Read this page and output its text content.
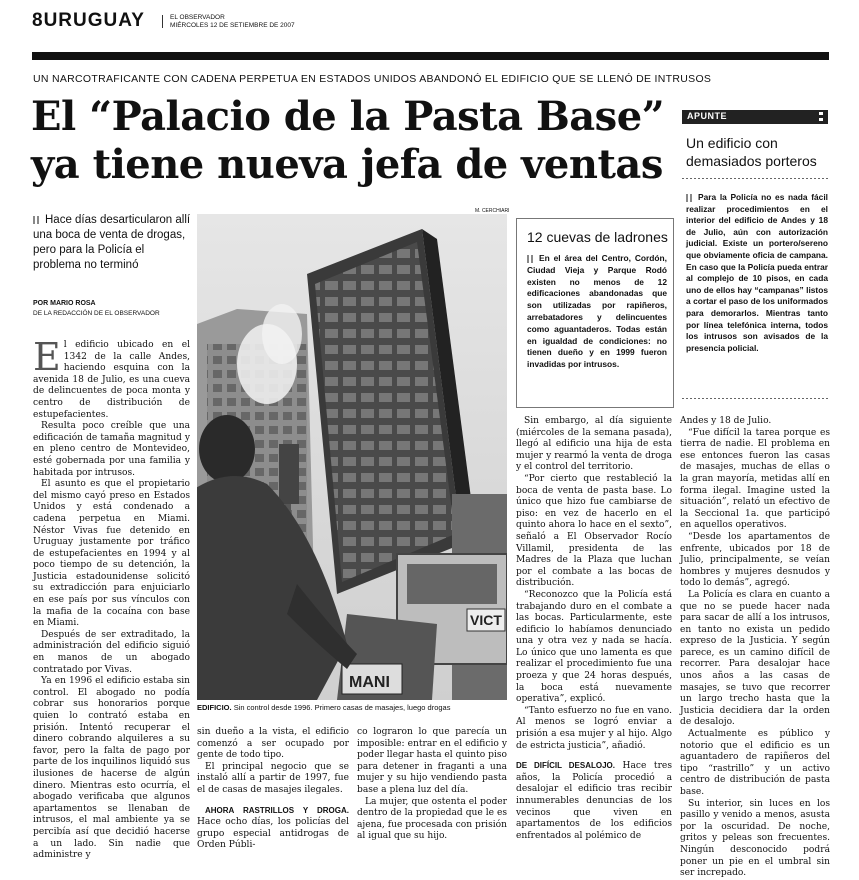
8URUGUAY	EL OBSERVADOR
MIÉRCOLES 12 DE SETIEMBRE DE 2007
UN NARCOTRAFICANTE CON CADENA PERPETUA EN ESTADOS UNIDOS ABANDONÓ EL EDIFICIO QUE SE LLENÓ DE INTRUSOS
El “Palacio de la Pasta Base” ya tiene nueva jefa de ventas
Hace días desarticularon allí una boca de venta de drogas, pero para la Policía el problema no terminó
POR MARIO ROSA
DE LA REDACCIÓN DE EL OBSERVADOR

El edificio ubicado en el 1342 de la calle Andes, haciendo esquina con la avenida 18 de Julio, es una cueva de delincuentes de poca monta y centro de distribución de estupefacientes.

Resulta poco creíble que una edificación de tamaña magnitud y en pleno centro de Montevideo, esté gobernada por una familia y habitada por intrusos.

El asunto es que el propietario del mismo cayó preso en Estados Unidos y está condenado a cadena perpetua en Miami. Néstor Vivas fue detenido en Uruguay justamente por tráfico de estupefacientes en 1994 y al poco tiempo de su detención, la Justicia estadounidense solicitó su extradicción para enjuiciarlo en ese país por sus vínculos con la mafia de la cocaína con base en Miami.

Después de ser extraditado, la administración del edificio siguió en manos de un abogado contratado por Vivas.

Ya en 1996 el edificio estaba sin control. El abogado no podía cobrar sus honorarios porque quien lo contrató estaba en prisión. Intentó recuperar el dinero cobrando alquileres a su favor, pero la falta de pago por parte de los inquilinos liquidó sus ilusiones de hacerse de algún dinero. Mientras esto ocurría, el abogado verificaba que algunos apartamentos se llenaban de intrusos, el mal ambiente ya se percibía así que decidió hacerse a un lado. Sin nadie que administre y

M. CERCHIARI
VICT
MANI
EDIFICIO. Sin control desde 1996. Primero casas de masajes, luego drogas

sin dueño a la vista, el edificio comenzó a ser ocupado por gente de todo tipo.

El principal negocio que se instaló allí a partir de 1997, fue el de casas de masajes ilegales.

AHORA RASTRILLOS Y DROGA. Hace ocho días, los policías del grupo especial antidrogas de Orden Públi-

co lograron lo que parecía un imposible: entrar en el edificio y poder llegar hasta el quinto piso para detener in fraganti a una mujer y su hijo vendiendo pasta base a plena luz del día.

La mujer, que ostenta el poder dentro de la propiedad que le es ajena, fue procesada con prisión al igual que su hijo.

12 cuevas de ladrones
En el área del Centro, Cordón, Ciudad Vieja y Parque Rodó existen no menos de 12 edificaciones abandonadas que son utilizadas por rapiñeros, arrebatadores y delincuentes como aguantaderos. Todas están en igualdad de condiciones: no tienen dueño y en 1999 fueron invadidas por intrusos.

Sin embargo, al día siguiente (miércoles de la semana pasada), llegó al edificio una hija de esta mujer y rearmó la venta de droga y el control del territorio.

“Por cierto que restableció la boca de venta de pasta base. Lo único que hizo fue cambiarse de piso: en vez de hacerlo en el quinto ahora lo hace en el sexto”, señaló a El Observador Rocío Villamil, presidenta de las Madres de la Plaza que luchan por el combate a las bocas de distribución.

“Reconozco que la Policía está trabajando duro en el combate a las bocas. Particularmente, este edificio lo habíamos denunciado una y otra vez y nada se hacía. Lo único que uno lamenta es que realizar el procedimiento fue una proeza y que 24 horas después, la boca está nuevamente operativa”, explicó.

“Tanto esfuerzo no fue en vano. Al menos se logró enviar a prisión a esa mujer y al hijo. Algo de estricta justicia”, añadió.

DE DIFÍCIL DESALOJO. Hace tres años, la Policía procedió a desalojar el edificio tras recibir innumerables denuncias de los vecinos que viven en apartamentos de los edificios enfrentados al polémico de

APUNTE
Un edificio con demasiados porteros
Para la Policía no es nada fácil realizar procedimientos en el interior del edificio de Andes y 18 de Julio, aún con autorización judicial. Existe un portero/sereno que obviamente oficia de campana. En caso que la Policía pueda entrar al complejo de 10 pisos, en cada uno de ellos hay “campanas” listos a cortar el paso de los uniformados para demorarlos. Mientras tanto por línea telefónica interna, todos los intrusos son avisados de la presencia policial.

Andes y 18 de Julio.

“Fue difícil la tarea porque es tierra de nadie. El problema en ese entonces fueron las casas de masajes, muchas de ellas o la gran mayoría, metidas allí en forma ilegal. Imagine usted la situación”, relató un efectivo de la Seccional 1a. que participó en aquellos operativos.

“Desde los apartamentos de enfrente, ubicados por 18 de Julio, principalmente, se veían hombres y mujeres desnudos y todo lo demás”, agregó.

La Policía es clara en cuanto a que no se puede hacer nada para sacar de allí a los intrusos, en tanto no exista un pedido expreso de la Justicia. Y según parece, es un camino difícil de recorrer. Para desalojar hace unos años a las casas de masajes, se tuvo que recorrer un largo trecho hasta que la Justicia decidiera dar la orden de desalojo.

Actualmente es público y notorio que el edificio es un aguantadero de rapiñeros del tipo “rastrillo” y un activo centro de distribución de pasta base.

Su interior, sin luces en los pasillo y venido a menos, asusta por la oscuridad. De noche, gritos y peleas son frecuentes. Ningún desconocido podrá poner un pie en el umbral sin ser increpado.
